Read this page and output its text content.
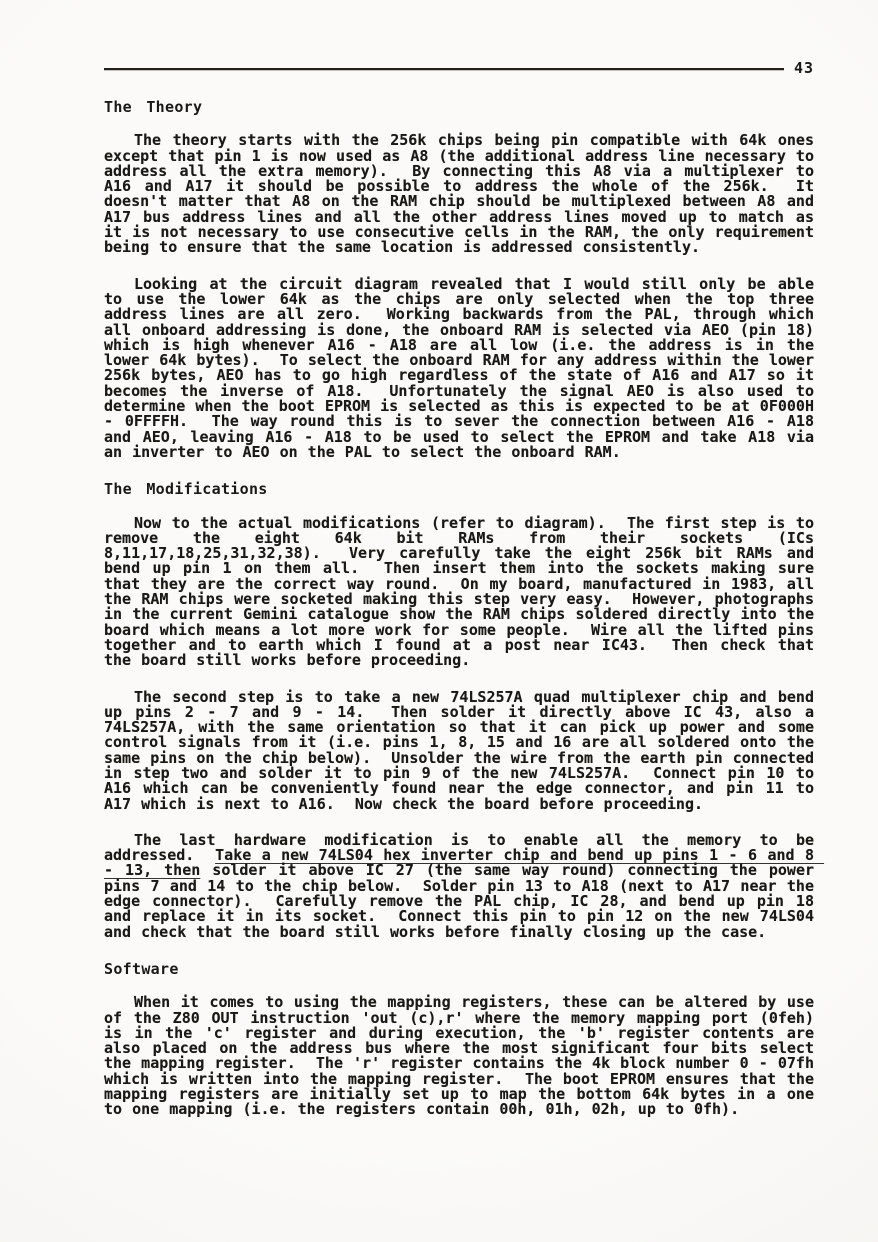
43
The Theory

The theory starts with the 256k chips being pin compatible with 64k ones except that pin 1 is now used as A8 (the additional address line necessary to address all the extra memory).  By connecting this A8 via a multiplexer to A16 and A17 it should be possible to address the whole of the 256k.  It doesn't matter that A8 on the RAM chip should be multiplexed between A8 and A17 bus address lines and all the other address lines moved up to match as it is not necessary to use consecutive cells in the RAM, the only requirement being to ensure that the same location is addressed consistently.

Looking at the circuit diagram revealed that I would still only be able to use the lower 64k as the chips are only selected when the top three address lines are all zero.  Working backwards from the PAL, through which all onboard addressing is done, the onboard RAM is selected via AEO (pin 18) which is high whenever A16 - A18 are all low (i.e. the address is in the lower 64k bytes).  To select the onboard RAM for any address within the lower 256k bytes, AEO has to go high regardless of the state of A16 and A17 so it becomes the inverse of A18.  Unfortunately the signal AEO is also used to determine when the boot EPROM is selected as this is expected to be at 0F000H - 0FFFFH.  The way round this is to sever the connection between A16 - A18 and AEO, leaving A16 - A18 to be used to select the EPROM and take A18 via an inverter to AEO on the PAL to select the onboard RAM.

The Modifications

Now to the actual modifications (refer to diagram).  The first step is to remove the eight 64k bit RAMs from their sockets (ICs 8,11,17,18,25,31,32,38).  Very carefully take the eight 256k bit RAMs and bend up pin 1 on them all.  Then insert them into the sockets making sure that they are the correct way round.  On my board, manufactured in 1983, all the RAM chips were socketed making this step very easy.  However, photographs in the current Gemini catalogue show the RAM chips soldered directly into the board which means a lot more work for some people.  Wire all the lifted pins together and to earth which I found at a post near IC43.  Then check that the board still works before proceeding.

The second step is to take a new 74LS257A quad multiplexer chip and bend up pins 2 - 7 and 9 - 14.  Then solder it directly above IC 43, also a 74LS257A, with the same orientation so that it can pick up power and some control signals from it (i.e. pins 1, 8, 15 and 16 are all soldered onto the same pins on the chip below).  Unsolder the wire from the earth pin connected in step two and solder it to pin 9 of the new 74LS257A.  Connect pin 10 to A16 which can be conveniently found near the edge connector, and pin 11 to A17 which is next to A16.  Now check the board before proceeding.

The last hardware modification is to enable all the memory to be addressed.  Take a new 74LS04 hex inverter chip and bend up pins 1 - 6 and 8 - 13, then solder it above IC 27 (the same way round) connecting the power pins 7 and 14 to the chip below.  Solder pin 13 to A18 (next to A17 near the edge connector).  Carefully remove the PAL chip, IC 28, and bend up pin 18 and replace it in its socket.  Connect this pin to pin 12 on the new 74LS04 and check that the board still works before finally closing up the case.

Software

When it comes to using the mapping registers, these can be altered by use of the Z80 OUT instruction 'out (c),r' where the memory mapping port (0feh) is in the 'c' register and during execution, the 'b' register contents are also placed on the address bus where the most significant four bits select the mapping register.  The 'r' register contains the 4k block number 0 - 07fh which is written into the mapping register.  The boot EPROM ensures that the mapping registers are initially set up to map the bottom 64k bytes in a one to one mapping (i.e. the registers contain 00h, 01h, 02h, up to 0fh).
